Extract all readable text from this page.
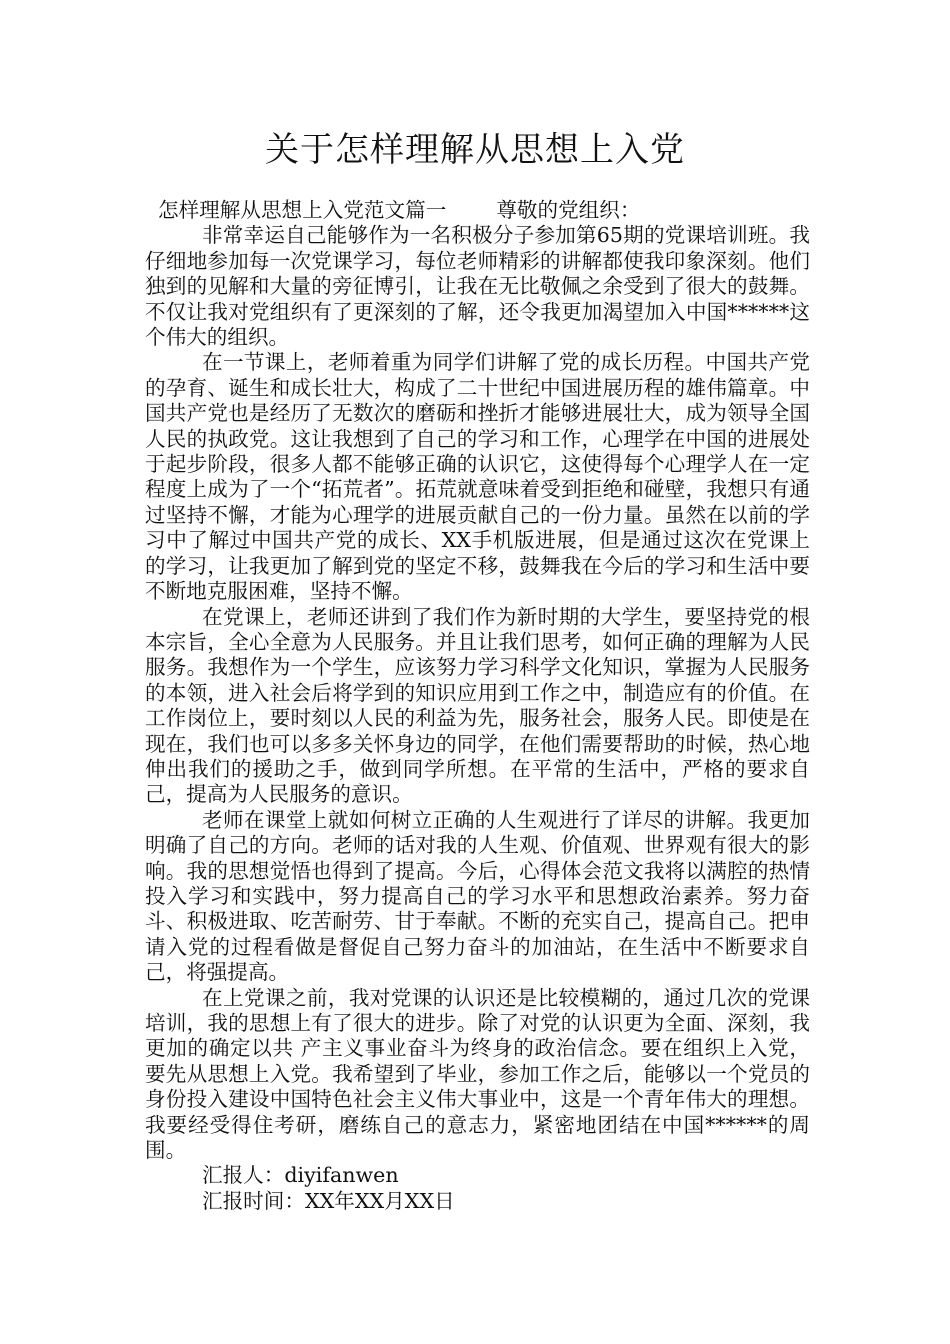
关于怎样理解从思想上入党

怎样理解从思想上入党范文篇一 尊敬的党组织：

非常幸运自己能够作为一名积极分子参加第65期的党课培训班。我仔细地参加每一次党课学习，每位老师精彩的讲解都使我印象深刻。他们独到的见解和大量的旁征博引，让我在无比敬佩之余受到了很大的鼓舞。不仅让我对党组织有了更深刻的了解，还令我更加渴望加入中国******这个伟大的组织。

在一节课上，老师着重为同学们讲解了党的成长历程。中国共产党的孕育、诞生和成长壮大，构成了二十世纪中国进展历程的雄伟篇章。中国共产党也是经历了无数次的磨砺和挫折才能够进展壮大，成为领导全国人民的执政党。这让我想到了自己的学习和工作，心理学在中国的进展处于起步阶段，很多人都不能够正确的认识它，这使得每个心理学人在一定程度上成为了一个“拓荒者”。拓荒就意味着受到拒绝和碰壁，我想只有通过坚持不懈，才能为心理学的进展贡献自己的一份力量。虽然在以前的学习中了解过中国共产党的成长、XX手机版进展，但是通过这次在党课上的学习，让我更加了解到党的坚定不移，鼓舞我在今后的学习和生活中要不断地克服困难，坚持不懈。

在党课上，老师还讲到了我们作为新时期的大学生，要坚持党的根本宗旨，全心全意为人民服务。并且让我们思考，如何正确的理解为人民服务。我想作为一个学生，应该努力学习科学文化知识，掌握为人民服务的本领，进入社会后将学到的知识应用到工作之中，制造应有的价值。在工作岗位上，要时刻以人民的利益为先，服务社会，服务人民。即使是在现在，我们也可以多多关怀身边的同学，在他们需要帮助的时候，热心地伸出我们的援助之手，做到同学所想。在平常的生活中，严格的要求自己，提高为人民服务的意识。

老师在课堂上就如何树立正确的人生观进行了详尽的讲解。我更加明确了自己的方向。老师的话对我的人生观、价值观、世界观有很大的影响。我的思想觉悟也得到了提高。今后，心得体会范文我将以满腔的热情投入学习和实践中，努力提高自己的学习水平和思想政治素养。努力奋斗、积极进取、吃苦耐劳、甘于奉献。不断的充实自己，提高自己。把申请入党的过程看做是督促自己努力奋斗的加油站，在生活中不断要求自己，将强提高。

在上党课之前，我对党课的认识还是比较模糊的，通过几次的党课培训，我的思想上有了很大的进步。除了对党的认识更为全面、深刻，我更加的确定以共 产主义事业奋斗为终身的政治信念。要在组织上入党，要先从思想上入党。我希望到了毕业，参加工作之后，能够以一个党员的身份投入建设中国特色社会主义伟大事业中，这是一个青年伟大的理想。我要经受得住考研，磨练自己的意志力，紧密地团结在中国******的周围。

汇报人：diyifanwen

汇报时间：XX年XX月XX日
